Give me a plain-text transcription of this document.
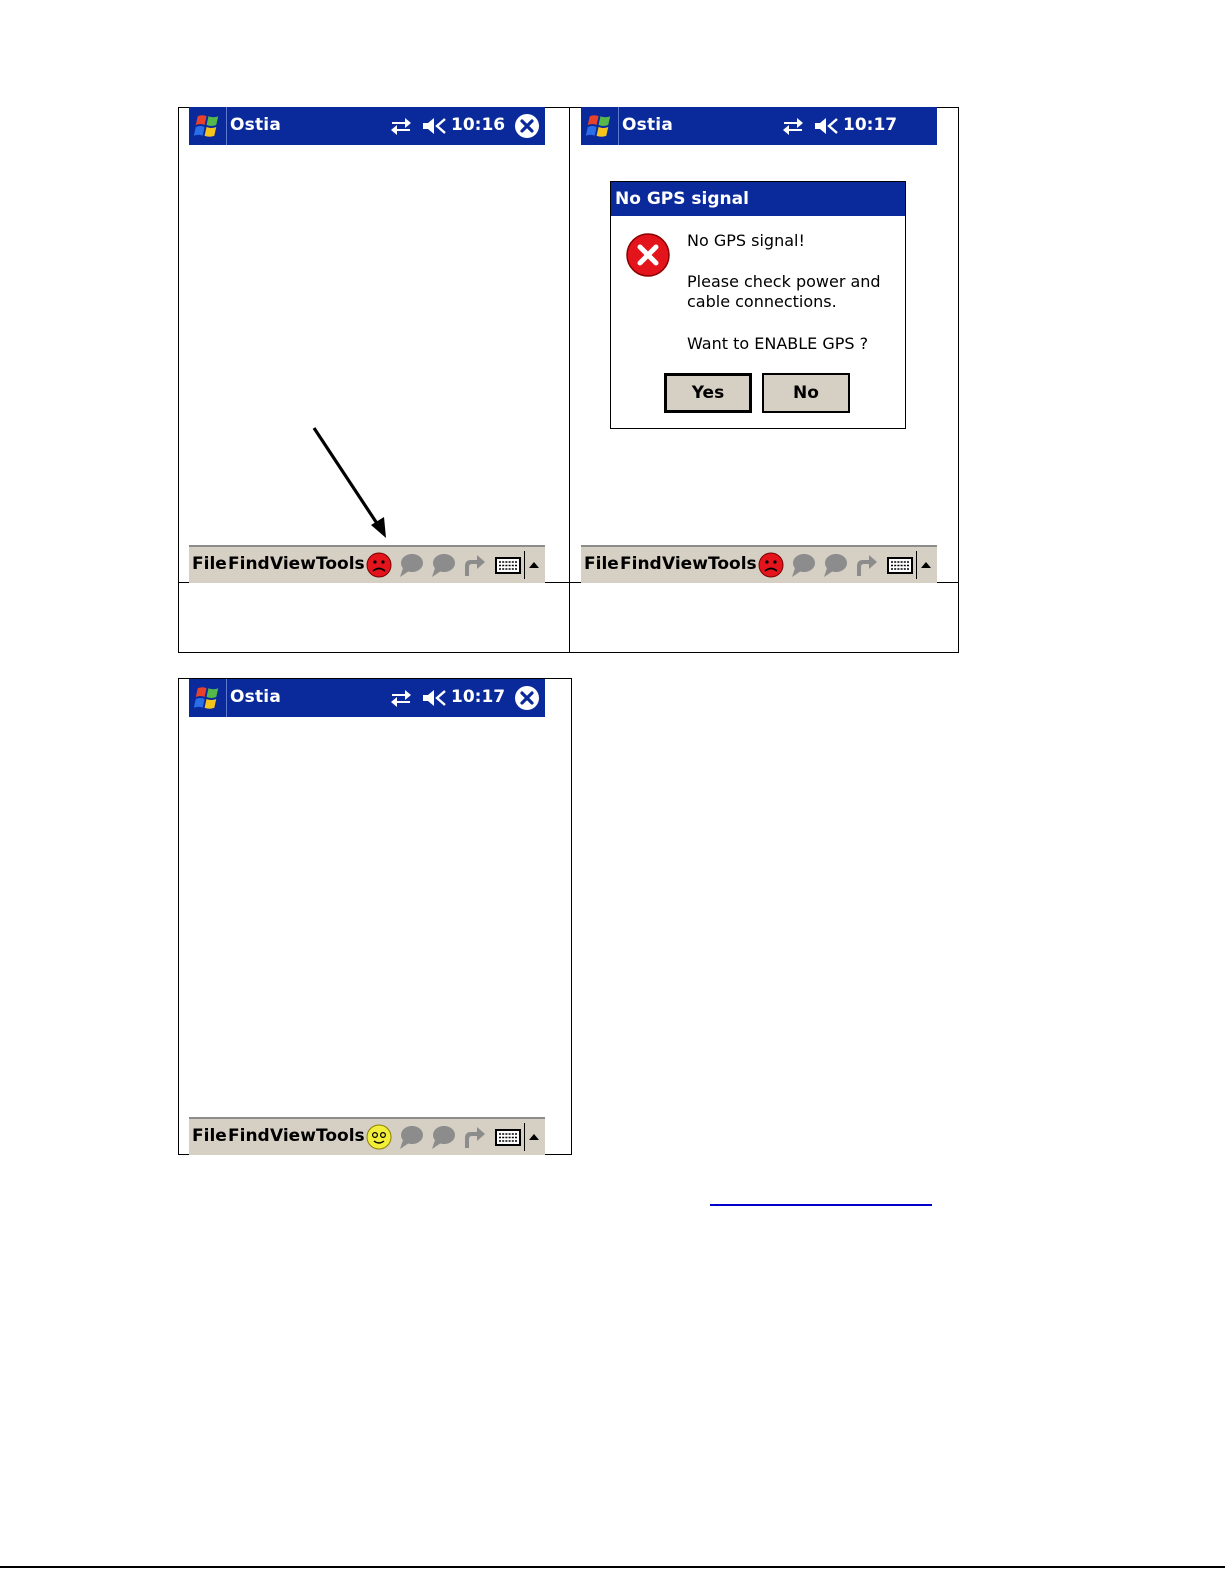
Ostia	10:16
File Find View Tools
Ostia	10:17
No GPS signal
No GPS signal!
Please check power and
cable connections.
Want to ENABLE GPS ?
Yes	No
File Find View Tools
Ostia	10:17
File Find View Tools
